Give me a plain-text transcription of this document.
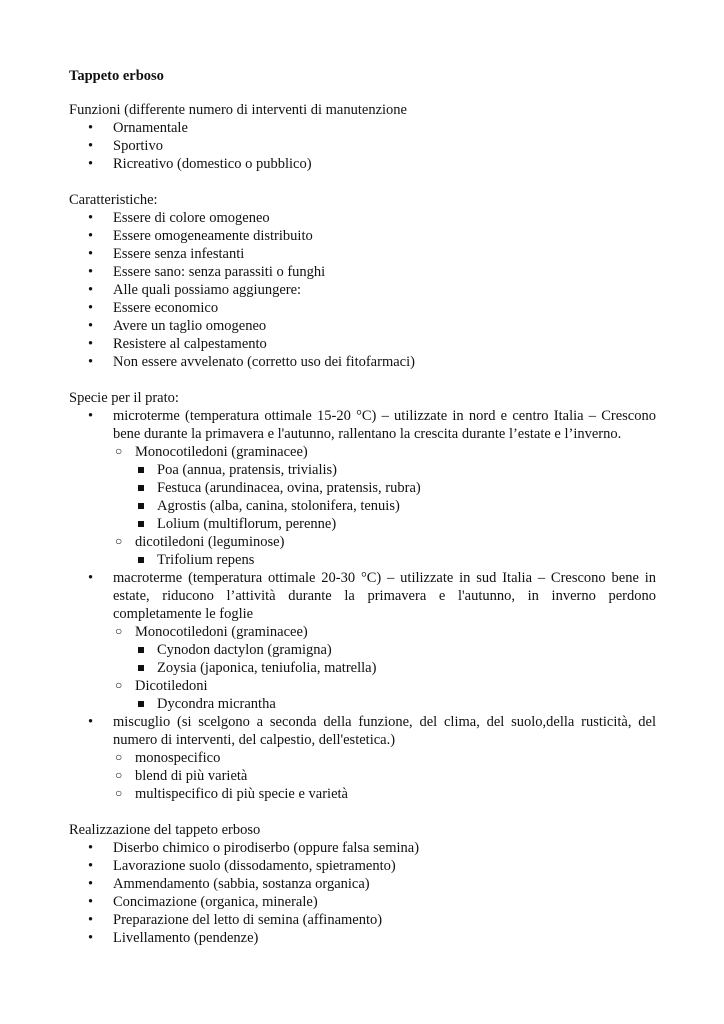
Tappeto erboso

Funzioni (differente numero di interventi di manutenzione

• Ornamentale
• Sportivo
• Ricreativo (domestico o pubblico)

Caratteristiche:

• Essere di colore omogeneo
• Essere omogeneamente distribuito
• Essere senza infestanti
• Essere sano: senza parassiti o funghi
• Alle quali possiamo aggiungere:
• Essere economico
• Avere un taglio omogeneo
• Resistere al calpestamento
• Non essere avvelenato (corretto uso dei fitofarmaci)

Specie per il prato:

• microterme (temperatura ottimale 15-20 °C) – utilizzate in nord e centro Italia – Crescono bene durante la primavera e l'autunno, rallentano la crescita durante l’estate e l’inverno.
○ Monocotiledoni (graminacee)
Poa (annua, pratensis, trivialis)
Festuca (arundinacea, ovina, pratensis, rubra)
Agrostis (alba, canina, stolonifera, tenuis)
Lolium (multiflorum, perenne)
○ dicotiledoni (leguminose)
Trifolium repens
• macroterme (temperatura ottimale 20-30 °C) – utilizzate in sud Italia – Crescono bene in estate, riducono l’attività durante la primavera e l'autunno, in inverno perdono completamente le foglie
○ Monocotiledoni (graminacee)
Cynodon dactylon (gramigna)
Zoysia (japonica, teniufolia, matrella)
○ Dicotiledoni
Dycondra micrantha
• miscuglio (si scelgono a seconda della funzione, del clima, del suolo,della rusticità, del numero di interventi, del calpestio, dell'estetica.)
○ monospecifico
○ blend di più varietà
○ multispecifico di più specie e varietà

Realizzazione del tappeto erboso

• Diserbo chimico o pirodiserbo (oppure falsa semina)
• Lavorazione suolo (dissodamento, spietramento)
• Ammendamento (sabbia, sostanza organica)
• Concimazione (organica, minerale)
• Preparazione del letto di semina (affinamento)
• Livellamento (pendenze)
